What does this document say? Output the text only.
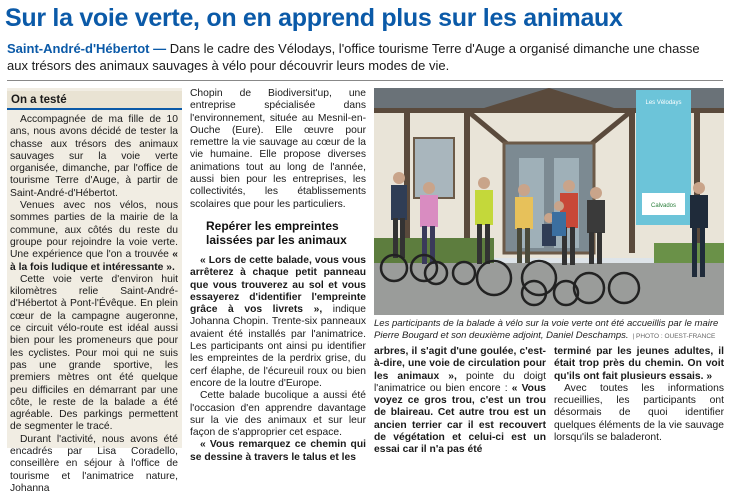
Sur la voie verte, on en apprend plus sur les animaux
Saint-André-d'Hébertot — Dans le cadre des Vélodays, l'office tourisme Terre d'Auge a organisé dimanche une chasse aux trésors des animaux sauvages à vélo pour découvrir leurs modes de vie.
On a testé

Accompagnée de ma fille de 10 ans, nous avons décidé de tester la chasse aux trésors des animaux sauvages sur la voie verte organisée, dimanche, par l'office de tourisme Terre d'Auge, à partir de Saint-André-d'Hébertot.

Venues avec nos vélos, nous sommes parties de la mairie de la commune, aux côtés du reste du groupe pour rejoindre la voie verte. Une expérience que l'on a trouvée « à la fois ludique et intéressante ».

Cette voie verte d'environ huit kilomètres relie Saint-André-d'Hébertot à Pont-l'Évêque. En plein cœur de la campagne augeronne, ce circuit vélo-route est idéal aussi bien pour les promeneurs que pour les cyclistes. Pour moi qui ne suis pas une grande sportive, les premiers mètres ont été quelque peu difficiles en démarrant par une côte, le reste de la balade a été agréable. Des parkings permettent de segmenter le tracé.

Durant l'activité, nous avons été encadrés par Lisa Coradello, conseillère en séjour à l'office de tourisme et l'animatrice nature, Johanna

Chopin de Biodiversit'up, une entreprise spécialisée dans l'environnement, située au Mesnil-en-Ouche (Eure). Elle œuvre pour remettre la vie sauvage au cœur de la vie humaine. Elle propose diverses animations tout au long de l'année, aussi bien pour les entreprises, les collectivités, les établissements scolaires que pour les particuliers.

Repérer les empreintes laissées par les animaux

« Lors de cette balade, vous vous arrêterez à chaque petit panneau que vous trouverez au sol et vous essayerez d'identifier l'empreinte grâce à vos livrets », indique Johanna Chopin. Trente-six panneaux avaient été installés par l'animatrice. Les participants ont ainsi pu identifier les empreintes de la perdrix grise, du cerf élaphe, de l'écureuil roux ou bien encore de la loutre d'Europe.

Cette balade bucolique a aussi été l'occasion d'en apprendre davantage sur la vie des animaux et sur leur façon de s'approprier cet espace.

« Vous remarquez ce chemin qui se dessine à travers le talus et les

Les Vélodays
Calvados
Les participants de la balade à vélo sur la voie verte ont été accueillis par le maire Pierre Bougard et son deuxième adjoint, Daniel Deschamps. | PHOTO : OUEST-FRANCE

arbres, il s'agit d'une goulée, c'est-à-dire, une voie de circulation pour les animaux », pointe du doigt l'animatrice ou bien encore : « Vous voyez ce gros trou, c'est un trou de blaireau. Cet autre trou est un ancien terrier car il est recouvert de végétation et celui-ci est un essai car il n'a pas été

terminé par les jeunes adultes, il était trop près du chemin. On voit qu'ils ont fait plusieurs essais. »

Avec toutes les informations recueillies, les participants ont désormais de quoi identifier quelques éléments de la vie sauvage lorsqu'ils se baladeront.
